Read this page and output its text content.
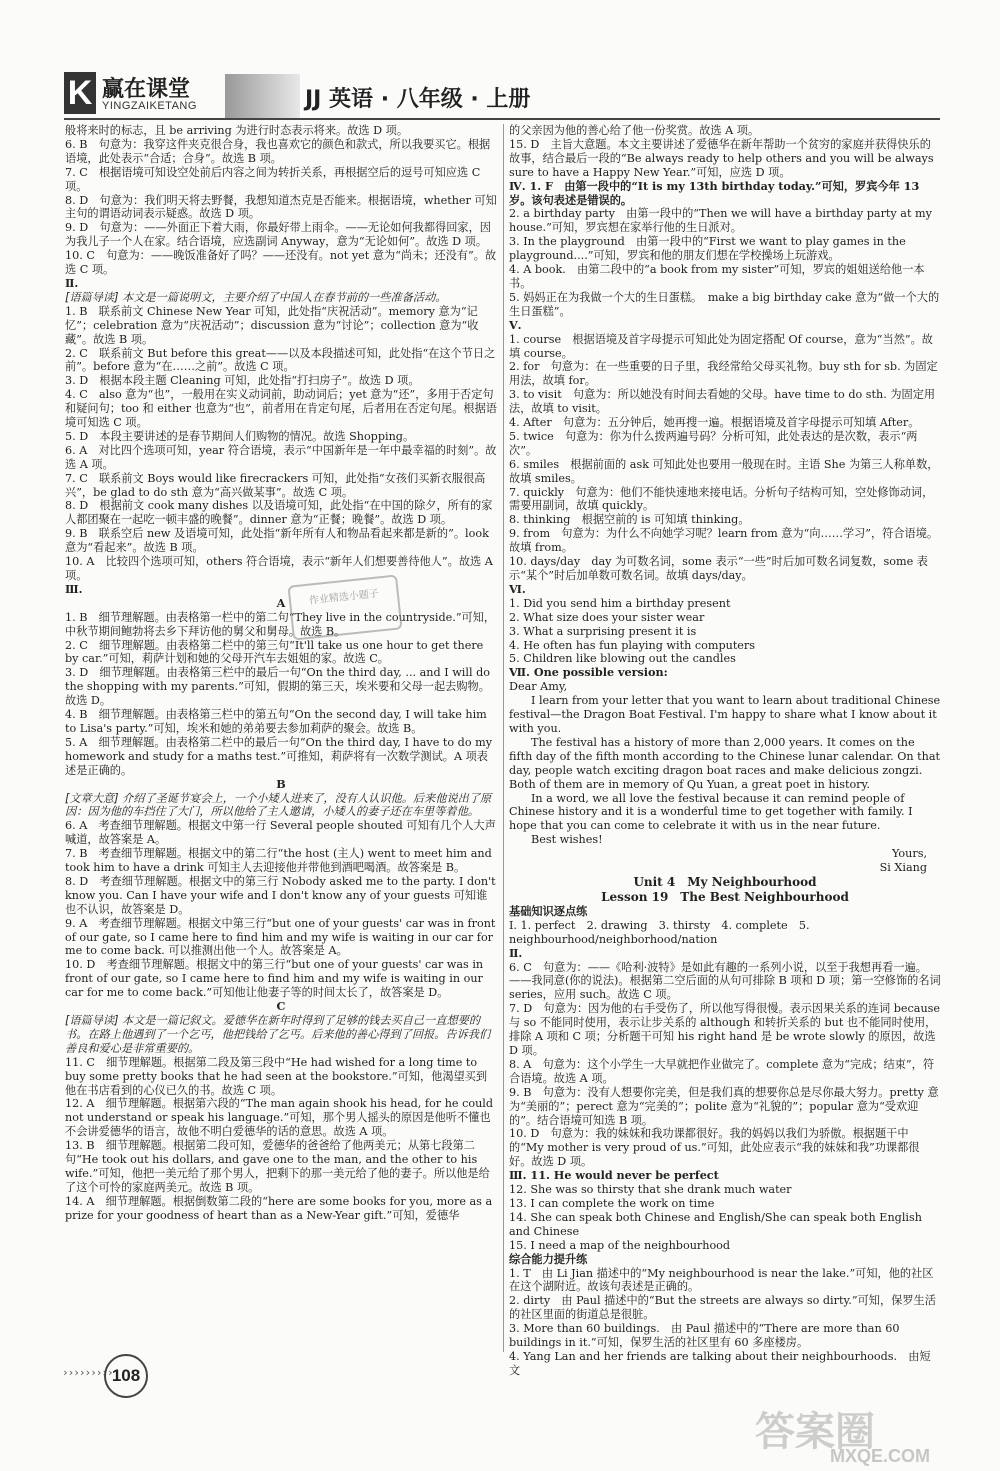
K 赢在课堂
YINGZAIKETANG	JJ 英语 · 八年级 · 上册

般将来时的标志，且 be arriving 为进行时态表示将来。故选 D 项。

6. B　句意为：我穿这件夹克很合身，我也喜欢它的颜色和款式，所以我要买它。根据语境，此处表示“合适；合身”。故选 B 项。

7. C　根据语境可知设空处前后内容之间为转折关系，再根据空后的逗号可知应选 C 项。

8. D　句意为：我们明天将去野餐，我想知道杰克是否能来。根据语境，whether 可知主句的谓语动词表示疑惑。故选 D 项。

9. D　句意为：——外面正下着大雨，你最好带上雨伞。——无论如何我都得回家，因为我儿子一个人在家。结合语境，应选副词 Anyway，意为“无论如何”。故选 D 项。

10. C　句意为：——晚饭准备好了吗？——还没有。not yet 意为“尚未；还没有”。故选 C 项。

Ⅱ.

[语篇导读] 本文是一篇说明文，主要介绍了中国人在春节前的一些准备活动。

1. B　联系前文 Chinese New Year 可知，此处指“庆祝活动”。memory 意为“记忆”；celebration 意为“庆祝活动”；discussion 意为“讨论”；collection 意为“收藏”。故选 B 项。

2. C　联系前文 But before this great——以及本段描述可知，此处指“在这个节日之前”。before 意为“在……之前”。故选 C 项。

3. D　根据本段主题 Cleaning 可知，此处指“打扫房子”。故选 D 项。

4. C　also 意为“也”，一般用在实义动词前，助动词后；yet 意为“还”，多用于否定句和疑问句；too 和 either 也意为“也”，前者用在肯定句尾，后者用在否定句尾。根据语境可知选 C 项。

5. D　本段主要讲述的是春节期间人们购物的情况。故选 Shopping。

6. A　对比四个选项可知，year 符合语境，表示“中国新年是一年中最幸福的时刻”。故选 A 项。

7. C　联系前文 Boys would like firecrackers 可知，此处指“女孩们买新衣服很高兴”，be glad to do sth 意为“高兴做某事”。故选 C 项。

8. D　根据前文 cook many dishes 以及语境可知，此处指“在中国的除夕，所有的家人都团聚在一起吃一顿丰盛的晚餐”。dinner 意为“正餐；晚餐”。故选 D 项。

9. B　联系空后 new 及语境可知，此处指“新年所有人和物品看起来都是新的”。look 意为“看起来”。故选 B 项。

10. A　比较四个选项可知，others 符合语境，表示“新年人们想要善待他人”。故选 A 项。

Ⅲ.

A

1. B　细节理解题。由表格第一栏中的第二句“They live in the countryside.”可知，中秋节期间鲍勃将去乡下拜访他的舅父和舅母。故选 B。

2. C　细节理解题。由表格第二栏中的第三句“It'll take us one hour to get there by car.”可知，莉萨计划和她的父母开汽车去姐姐的家。故选 C。

3. D　细节理解题。由表格第三栏中的最后一句“On the third day, ... and I will do the shopping with my parents.”可知，假期的第三天，埃米要和父母一起去购物。故选 D。

4. B　细节理解题。由表格第三栏中的第五句“On the second day, I will take him to Lisa's party.”可知，埃米和她的弟弟要去参加莉萨的聚会。故选 B。

5. A　细节理解题。由表格第二栏中的最后一句“On the third day, I have to do my homework and study for a maths test.”可推知，莉萨将有一次数学测试。A 项表述是正确的。

B

[文章大意] 介绍了圣诞节宴会上，一个小矮人进来了，没有人认识他。后来他说出了原因：因为他的车挡住了大门，所以他给了主人邀请，小矮人的妻子还在车里等着他。

6. A　考查细节理解题。根据文中第一行 Several people shouted 可知有几个人大声喊道，故答案是 A。

7. B　考查细节理解题。根据文中的第二行“the host (主人) went to meet him and took him to have a drink 可知主人去迎接他并带他到酒吧喝酒。故答案是 B。

8. D　考查细节理解题。根据文中的第三行 Nobody asked me to the party. I don't know you. Can I have your wife and I don't know any of your guests 可知谁也不认识，故答案是 D。

9. A　考查细节理解题。根据文中第三行“but one of your guests' car was in front of our gate, so I came here to find him and my wife is waiting in our car for me to come back. 可以推测出他一个人。故答案是 A。

10. D　考查细节理解题。根据文中的第三行“but one of your guests' car was in front of our gate, so I came here to find him and my wife is waiting in our car for me to come back.”可知他让他妻子等的时间太长了，故答案是 D。

C

[语篇导读] 本文是一篇记叙文。爱德华在新年时得到了足够的钱去买自己一直想要的书。在路上他遇到了一个乞丐，他把钱给了乞丐。后来他的善心得到了回报。告诉我们善良和爱心是非常重要的。

11. C　细节理解题。根据第二段及第三段中“He had wished for a long time to buy some pretty books that he had seen at the bookstore.”可知，他渴望买到他在书店看到的心仪已久的书。故选 C 项。

12. A　细节理解题。根据第六段的“The man again shook his head, for he could not understand or speak his language.”可知，那个男人摇头的原因是他听不懂也不会讲爱德华的语言，故他不明白爱德华的话的意思。故选 A 项。

13. B　细节理解题。根据第二段可知，爱德华的爸爸给了他两美元；从第七段第二句“He took out his dollars, and gave one to the man, and the other to his wife.”可知，他把一美元给了那个男人，把剩下的那一美元给了他的妻子。所以他是给了这个可怜的家庭两美元。故选 B 项。

14. A　细节理解题。根据倒数第二段的“here are some books for you, more as a prize for your goodness of heart than as a New-Year gift.”可知，爱德华

的父亲因为他的善心给了他一份奖赏。故选 A 项。

15. D　主旨大意题。本文主要讲述了爱德华在新年帮助一个贫穷的家庭并获得快乐的故事，结合最后一段的“Be always ready to help others and you will be always sure to have a Happy New Year.”可知，应选 D 项。

Ⅳ. 1. F　由第一段中的“It is my 13th birthday today.”可知，罗宾今年 13 岁。该句表述是错误的。

2. a birthday party　由第一段中的“Then we will have a birthday party at my house.”可知，罗宾想在家举行他的生日派对。

3. In the playground　由第一段中的“First we want to play games in the playground....”可知，罗宾和他的朋友们想在学校操场上玩游戏。

4. A book.　由第二段中的“a book from my sister”可知，罗宾的姐姐送给他一本书。

5. 妈妈正在为我做一个大的生日蛋糕。　make a big birthday cake 意为“做一个大的生日蛋糕”。

Ⅴ.

1. course　根据语境及首字母提示可知此处为固定搭配 Of course，意为“当然”。故填 course。

2. for　句意为：在一些重要的日子里，我经常给父母买礼物。buy sth for sb. 为固定用法，故填 for。

3. to visit　句意为：所以她没有时间去看她的父母。have time to do sth. 为固定用法，故填 to visit。

4. After　句意为：五分钟后，她再搜一遍。根据语境及首字母提示可知填 After。

5. twice　句意为：你为什么拨两遍号码？分析可知，此处表达的是次数，表示“两次”。

6. smiles　根据前面的 ask 可知此处也要用一般现在时。主语 She 为第三人称单数，故填 smiles。

7. quickly　句意为：他们不能快速地来接电话。分析句子结构可知，空处修饰动词，需要用副词，故填 quickly。

8. thinking　根据空前的 is 可知填 thinking。

9. from　句意为：为什么不向她学习呢？learn from 意为“向……学习”，符合语境。故填 from。

10. days/day　day 为可数名词，some 表示“一些”时后加可数名词复数，some 表示“某个”时后加单数可数名词。故填 days/day。

Ⅵ.

1. Did you send him a birthday present

2. What size does your sister wear

3. What a surprising present it is

4. He often has fun playing with computers

5. Children like blowing out the candles

Ⅶ. One possible version:

Dear Amy,

I learn from your letter that you want to learn about traditional Chinese festival—the Dragon Boat Festival. I'm happy to share what I know about it with you.

The festival has a history of more than 2,000 years. It comes on the fifth day of the fifth month according to the Chinese lunar calendar. On that day, people watch exciting dragon boat races and make delicious zongzi. Both of them are in memory of Qu Yuan, a great poet in history.

In a word, we all love the festival because it can remind people of Chinese history and it is a wonderful time to get together with family. I hope that you can come to celebrate it with us in the near future.

Best wishes!

Yours,

Si Xiang

Unit 4　My Neighbourhood
Lesson 19　The Best Neighbourhood

基础知识逐点练

Ⅰ. 1. perfect　2. drawing　3. thirsty　4. complete　5. neighbourhood/neighborhood/nation

Ⅱ.

6. C　句意为：——《哈利·波特》是如此有趣的一系列小说，以至于我想再看一遍。——我同意(你的说法)。根据第二空后面的从句可排除 B 项和 D 项；第一空修饰的名词 series，应用 such。故选 C 项。

7. D　句意为：因为他的右手受伤了，所以他写得很慢。表示因果关系的连词 because 与 so 不能同时使用，表示让步关系的 although 和转折关系的 but 也不能同时使用，排除 A 项和 C 项；分析题干可知 his right hand 是 be wrote slowly 的原因，故选 D 项。

8. A　句意为：这个小学生一大早就把作业做完了。complete 意为“完成；结束”，符合语境。故选 A 项。

9. B　句意为：没有人想要你完美，但是我们真的想要你总是尽你最大努力。pretty 意为“美丽的”；perect 意为“完美的”；polite 意为“礼貌的”；popular 意为“受欢迎的”。结合语境可知选 B 项。

10. D　句意为：我的妹妹和我功课都很好。我的妈妈以我们为骄傲。根据题干中的“My mother is very proud of us.”可知，此处应表示“我的妹妹和我”功课都很好。故选 D 项。

Ⅲ. 11. He would never be perfect

12. She was so thirsty that she drank much water

13. I can complete the work on time

14. She can speak both Chinese and English/She can speak both English and Chinese

15. I need a map of the neighbourhood

综合能力提升练

1. T　由 Li Jian 描述中的“My neighbourhood is near the lake.”可知，他的社区在这个湖附近。故该句表述是正确的。

2. dirty　由 Paul 描述中的“But the streets are always so dirty.”可知，保罗生活的社区里面的街道总是很脏。

3. More than 60 buildings.　由 Paul 描述中的“There are more than 60 buildings in it.”可知，保罗生活的社区里有 60 多座楼房。

4. Yang Lan and her friends are talking about their neighbourhoods.　由短文

作业精选小题子
››››››››› 108
答案圈
MXQE.COM
